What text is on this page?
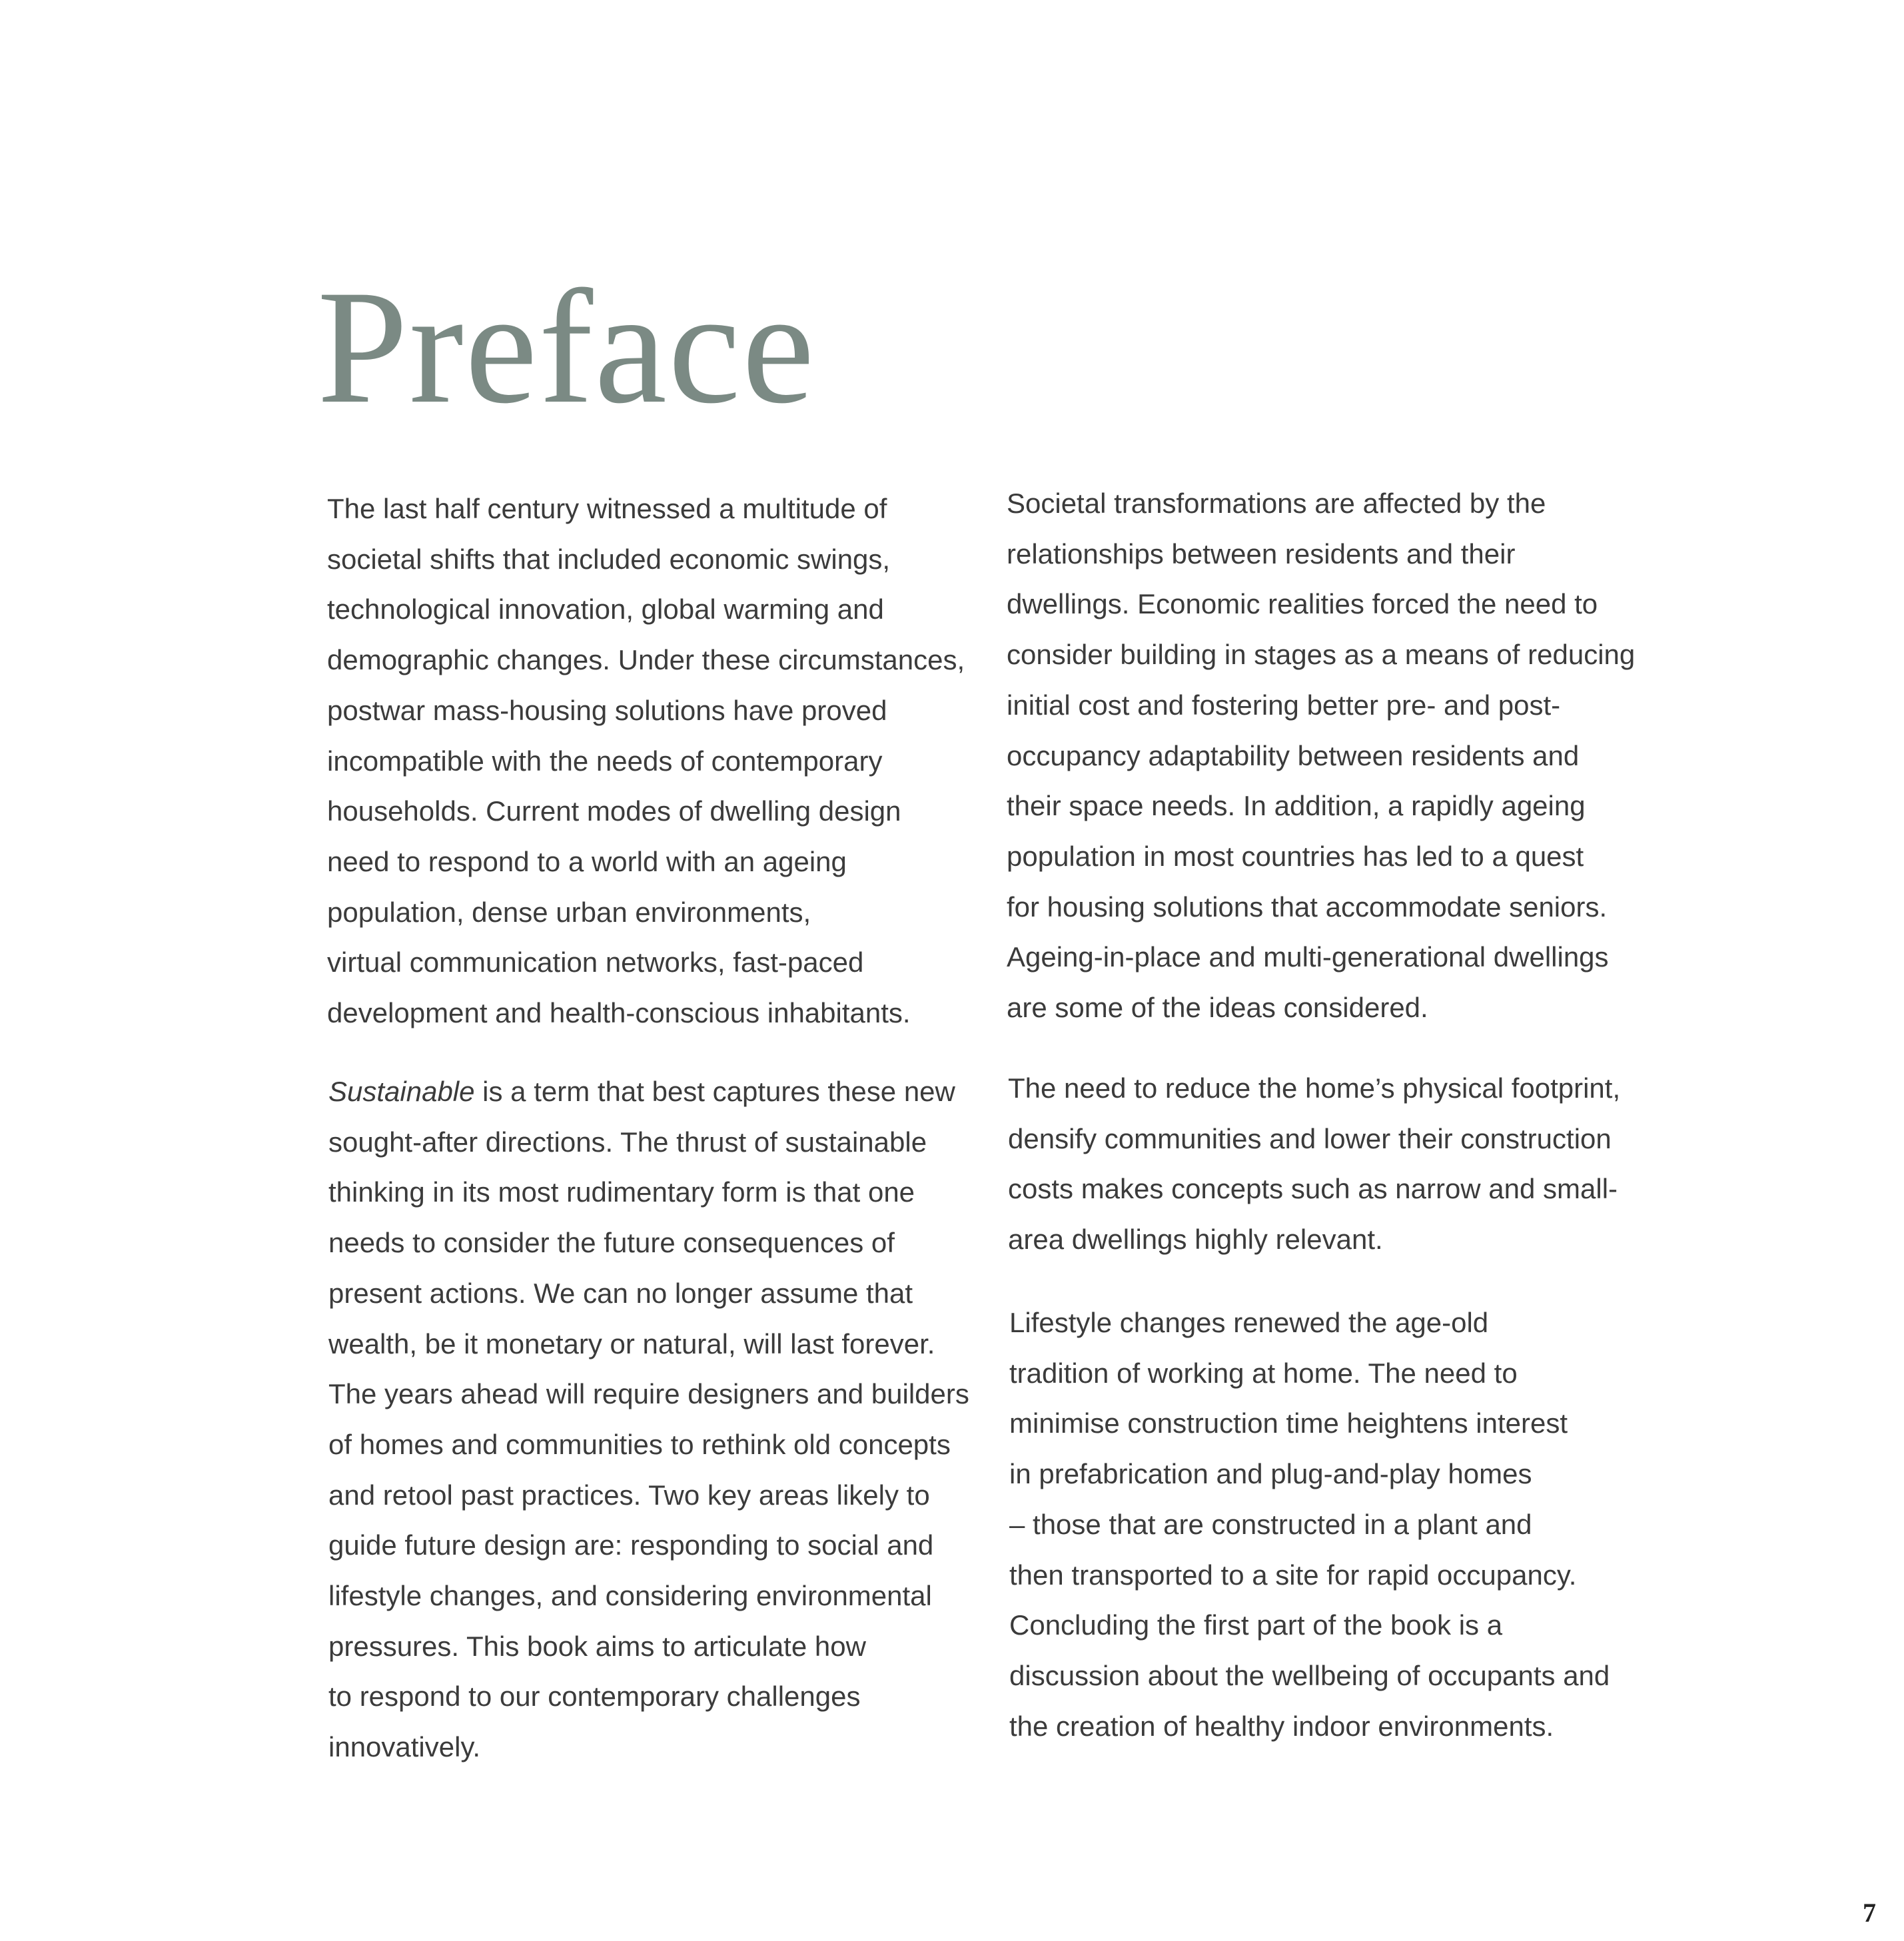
Preface
The last half century witnessed a multitude of
societal shifts that included economic swings,
technological innovation, global warming and
demographic changes. Under these circumstances,
postwar mass-housing solutions have proved
incompatible with the needs of contemporary
households. Current modes of dwelling design
need to respond to a world with an ageing
population, dense urban environments,
virtual communication networks, fast-paced
development and health-conscious inhabitants.
Sustainable is a term that best captures these new
sought-after directions. The thrust of sustainable
thinking in its most rudimentary form is that one
needs to consider the future consequences of
present actions. We can no longer assume that
wealth, be it monetary or natural, will last forever.
The years ahead will require designers and builders
of homes and communities to rethink old concepts
and retool past practices. Two key areas likely to
guide future design are: responding to social and
lifestyle changes, and considering environmental
pressures. This book aims to articulate how
to respond to our contemporary challenges
innovatively.
Societal transformations are affected by the
relationships between residents and their
dwellings. Economic realities forced the need to
consider building in stages as a means of reducing
initial cost and fostering better pre- and post-
occupancy adaptability between residents and
their space needs. In addition, a rapidly ageing
population in most countries has led to a quest
for housing solutions that accommodate seniors.
Ageing-in-place and multi-generational dwellings
are some of the ideas considered.
The need to reduce the home’s physical footprint,
densify communities and lower their construction
costs makes concepts such as narrow and small-
area dwellings highly relevant.
Lifestyle changes renewed the age-old
tradition of working at home. The need to
minimise construction time heightens interest
in prefabrication and plug-and-play homes
– those that are constructed in a plant and
then transported to a site for rapid occupancy.
Concluding the first part of the book is a
discussion about the wellbeing of occupants and
the creation of healthy indoor environments.
7
